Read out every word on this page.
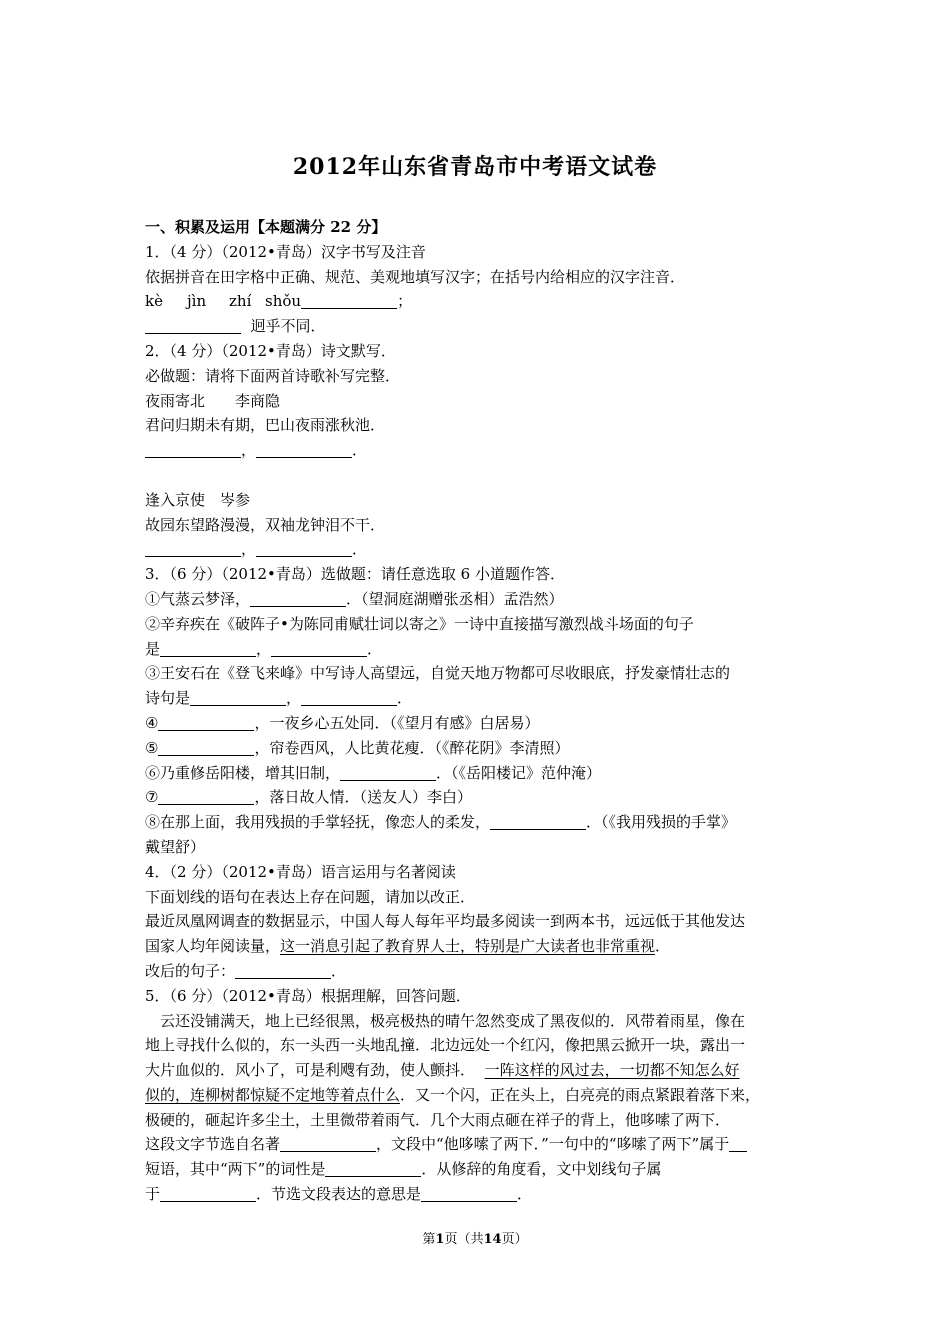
2012年山东省青岛市中考语文试卷
一、积累及运用【本题满分 22 分】
1．（4 分）（2012•青岛）汉字书写及注音
依据拼音在田字格中正确、规范、美观地填写汉字；在括号内给相应的汉字注音．
kè jìn zhí shǒu	；
迥乎不同．
2．（4 分）（2012•青岛）诗文默写．
必做题：请将下面两首诗歌补写完整．
夜雨寄北　　李商隐
君问归期未有期，巴山夜雨涨秋池．
，	．
逢入京使　岑参
故园东望路漫漫，双袖龙钟泪不干．
，	．
3．（6 分）（2012•青岛）选做题：请任意选取 6 小道题作答．
①气蒸云梦泽，	．（望洞庭湖赠张丞相）孟浩然）
②辛弃疾在《破阵子•为陈同甫赋壮词以寄之》一诗中直接描写激烈战斗场面的句子
是	，	．
③王安石在《登飞来峰》中写诗人高望远，自觉天地万物都可尽收眼底，抒发豪情壮志的
诗句是	，	．
④	，一夜乡心五处同．（《望月有感》白居易）
⑤	，帘卷西风，人比黄花瘦．（《醉花阴》李清照）
⑥乃重修岳阳楼，增其旧制，	．（《岳阳楼记》范仲淹）
⑦	，落日故人情．（送友人）李白）
⑧在那上面，我用残损的手掌轻抚，像恋人的柔发，	．（《我用残损的手掌》
戴望舒）
4．（2 分）（2012•青岛）语言运用与名著阅读
下面划线的语句在表达上存在问题，请加以改正．
最近凤凰网调查的数据显示，中国人每人每年平均最多阅读一到两本书，远远低于其他发达
国家人均年阅读量，这一消息引起了教育界人士，特别是广大读者也非常重视．
改后的句子：	．
5．（6 分）（2012•青岛）根据理解，回答问题．
云还没铺满天，地上已经很黑，极亮极热的晴午忽然变成了黑夜似的．风带着雨星，像在
地上寻找什么似的，东一头西一头地乱撞．北边远处一个红闪，像把黑云掀开一块，露出一
大片血似的．风小了，可是利飕有劲，使人颤抖． 一阵这样的风过去，一切都不知怎么好
似的，连柳树都惊疑不定地等着点什么．又一个闪，正在头上，白亮亮的雨点紧跟着落下来，
极硬的，砸起许多尘土，土里微带着雨气．几个大雨点砸在祥子的背上，他哆嗦了两下．
这段文字节选自名著	，文段中“他哆嗦了两下．”一句中的“哆嗦了两下”属于
短语，其中“两下”的词性是	．从修辞的角度看，文中划线句子属
于	．节选文段表达的意思是	．
第1页（共14页）
